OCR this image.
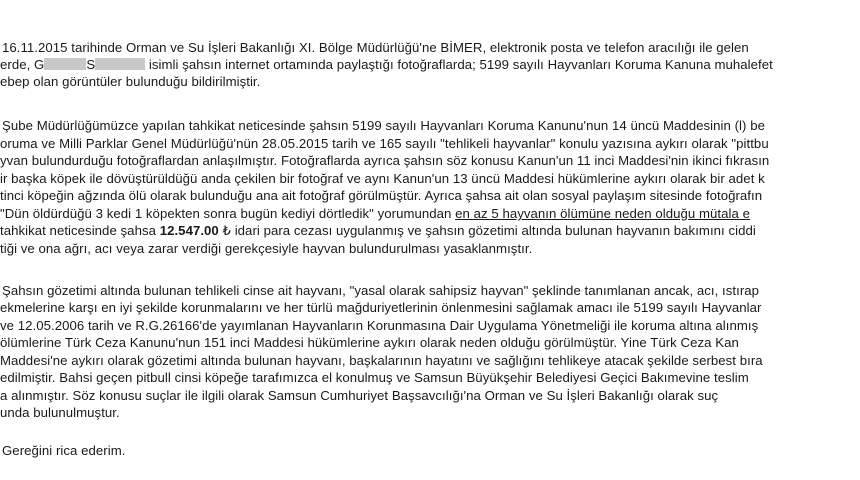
16.11.2015 tarihinde Orman ve Su İşleri Bakanlığı XI. Bölge Müdürlüğü'ne BİMER, elektronik posta ve telefon aracılığı ile gelen
erde, G	S	isimli şahsın internet ortamında paylaştığı fotoğraflarda; 5199 sayılı Hayvanları Koruma Kanuna muhalefet
ebep olan görüntüler bulunduğu bildirilmiştir.
Şube Müdürlüğümüzce yapılan tahkikat neticesinde şahsın 5199 sayılı Hayvanları Koruma Kanunu'nun 14 üncü Maddesinin (l) be
oruma ve Milli Parklar Genel Müdürlüğü'nün 28.05.2015 tarih ve 165 sayılı "tehlikeli hayvanlar" konulu yazısına aykırı olarak "pittbu
yvan bulundurduğu fotoğraflardan anlaşılmıştır. Fotoğraflarda ayrıca şahsın söz konusu Kanun'un 11 inci Maddesi'nin ikinci fıkrasın
ir başka köpek ile dövüştürüldüğü anda çekilen bir fotoğraf ve aynı Kanun'un 13 üncü Maddesi hükümlerine aykırı olarak bir adet k
tinci köpeğin ağzında ölü olarak bulunduğu ana ait fotoğraf görülmüştür. Ayrıca şahsa ait olan sosyal paylaşım sitesinde fotoğrafın
"Dün öldürdüğü 3 kedi 1 köpekten sonra bugün kediyi dörtledik" yorumundan en az 5 hayvanın ölümüne neden olduğu mütala e
tahkikat neticesinde şahsa 12.547.00 ₺ idari para cezası uygulanmış ve şahsın gözetimi altında bulunan hayvanın bakımını ciddi
tiği ve ona ağrı, acı veya zarar verdiği gerekçesiyle hayvan bulundurulması yasaklanmıştır.
Şahsın gözetimi altında bulunan tehlikeli cinse ait hayvanı, "yasal olarak sahipsiz hayvan" şeklinde tanımlanan ancak, acı, ıstırap
ekmelerine karşı en iyi şekilde korunmalarını ve her türlü mağduriyetlerinin önlenmesini sağlamak amacı ile 5199 sayılı Hayvanlar
ve 12.05.2006 tarih ve R.G.26166'de yayımlanan Hayvanların Korunmasına Dair Uygulama Yönetmeliği ile koruma altına alınmış
ölümlerine Türk Ceza Kanunu'nun 151 inci Maddesi hükümlerine aykırı olarak neden olduğu görülmüştür. Yine Türk Ceza Kan
Maddesi'ne aykırı olarak gözetimi altında bulunan hayvanı, başkalarının hayatını ve sağlığını tehlikeye atacak şekilde serbest bıra
edilmiştir. Bahsi geçen pitbull cinsi köpeğe tarafımızca el konulmuş ve Samsun Büyükşehir Belediyesi Geçici Bakımevine teslim
a alınmıştır. Söz konusu suçlar ile ilgili olarak Samsun Cumhuriyet Başsavcılığı'na Orman ve Su İşleri Bakanlığı olarak suç
unda bulunulmuştur.
Gereğini rica ederim.
